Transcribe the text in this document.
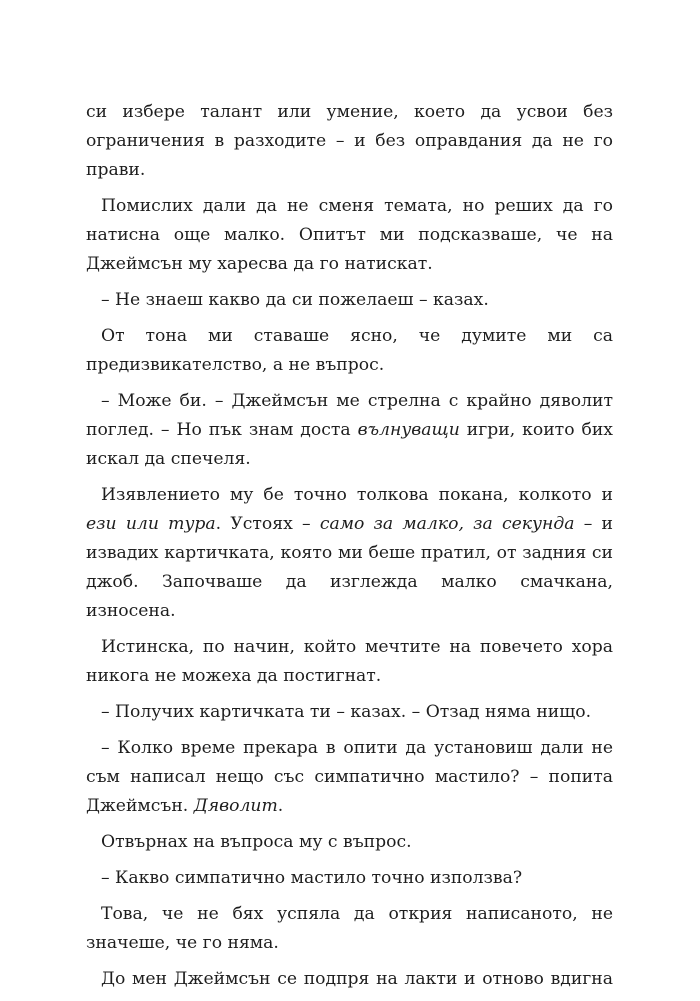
си избере талант или умение, което да усвои без ограничения в разходите – и без оправдания да не го прави.

Помислих дали да не сменя темата, но реших да го натисна още малко. Опитът ми подсказваше, че на Джеймсън му харесва да го натискат.

– Не знаеш какво да си пожелаеш – казах.

От тона ми ставаше ясно, че думите ми са предизвикателство, а не въпрос.

– Може би. – Джеймсън ме стрелна с крайно дяволит поглед. – Но пък знам доста вълнуващи игри, които бих искал да спечеля.

Изявлението му бе точно толкова покана, колкото и ези или тура. Устоях – само за малко, за секунда – и извадих картичката, която ми беше пратил, от задния си джоб. Започваше да изглежда малко смачкана, износена.

Истинска, по начин, който мечтите на повечето хора никога не можеха да постигнат.

– Получих картичката ти – казах. – Отзад няма нищо.

– Колко време прекара в опити да установиш дали не съм написал нещо със симпатично мастило? – попита Джеймсън. Дяволит.

Отвърнах на въпроса му с въпрос.

– Какво симпатично мастило точно използва?

Това, че не бях успяла да открия написаното, не значеше, че го няма.

До мен Джеймсън се подпря на лакти и отново вдигна
